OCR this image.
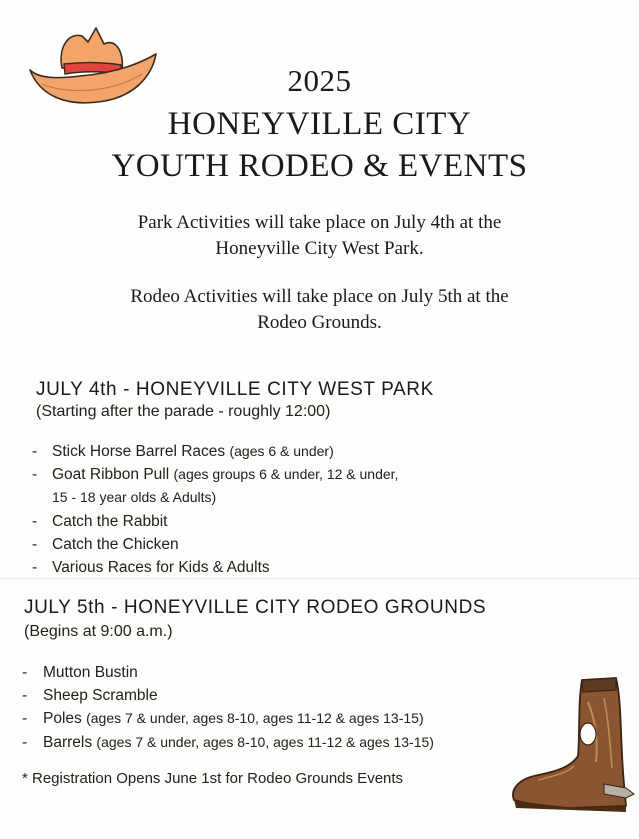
2025
HONEYVILLE CITY
YOUTH RODEO & EVENTS
Park Activities will take place on July 4th at the
Honeyville City West Park.
Rodeo Activities will take place on July 5th at the
Rodeo Grounds.
JULY 4th - HONEYVILLE CITY WEST PARK
(Starting after the parade - roughly 12:00)
- Stick Horse Barrel Races (ages 6 & under)
- Goat Ribbon Pull (ages groups 6 & under, 12 & under,
15 - 18 year olds & Adults)
- Catch the Rabbit
- Catch the Chicken
- Various Races for Kids & Adults
JULY 5th - HONEYVILLE CITY RODEO GROUNDS
(Begins at 9:00 a.m.)
- Mutton Bustin
- Sheep Scramble
- Poles (ages 7 & under, ages 8-10, ages 11-12 & ages 13-15)
- Barrels (ages 7 & under, ages 8-10, ages 11-12 & ages 13-15)
* Registration Opens June 1st for Rodeo Grounds Events
